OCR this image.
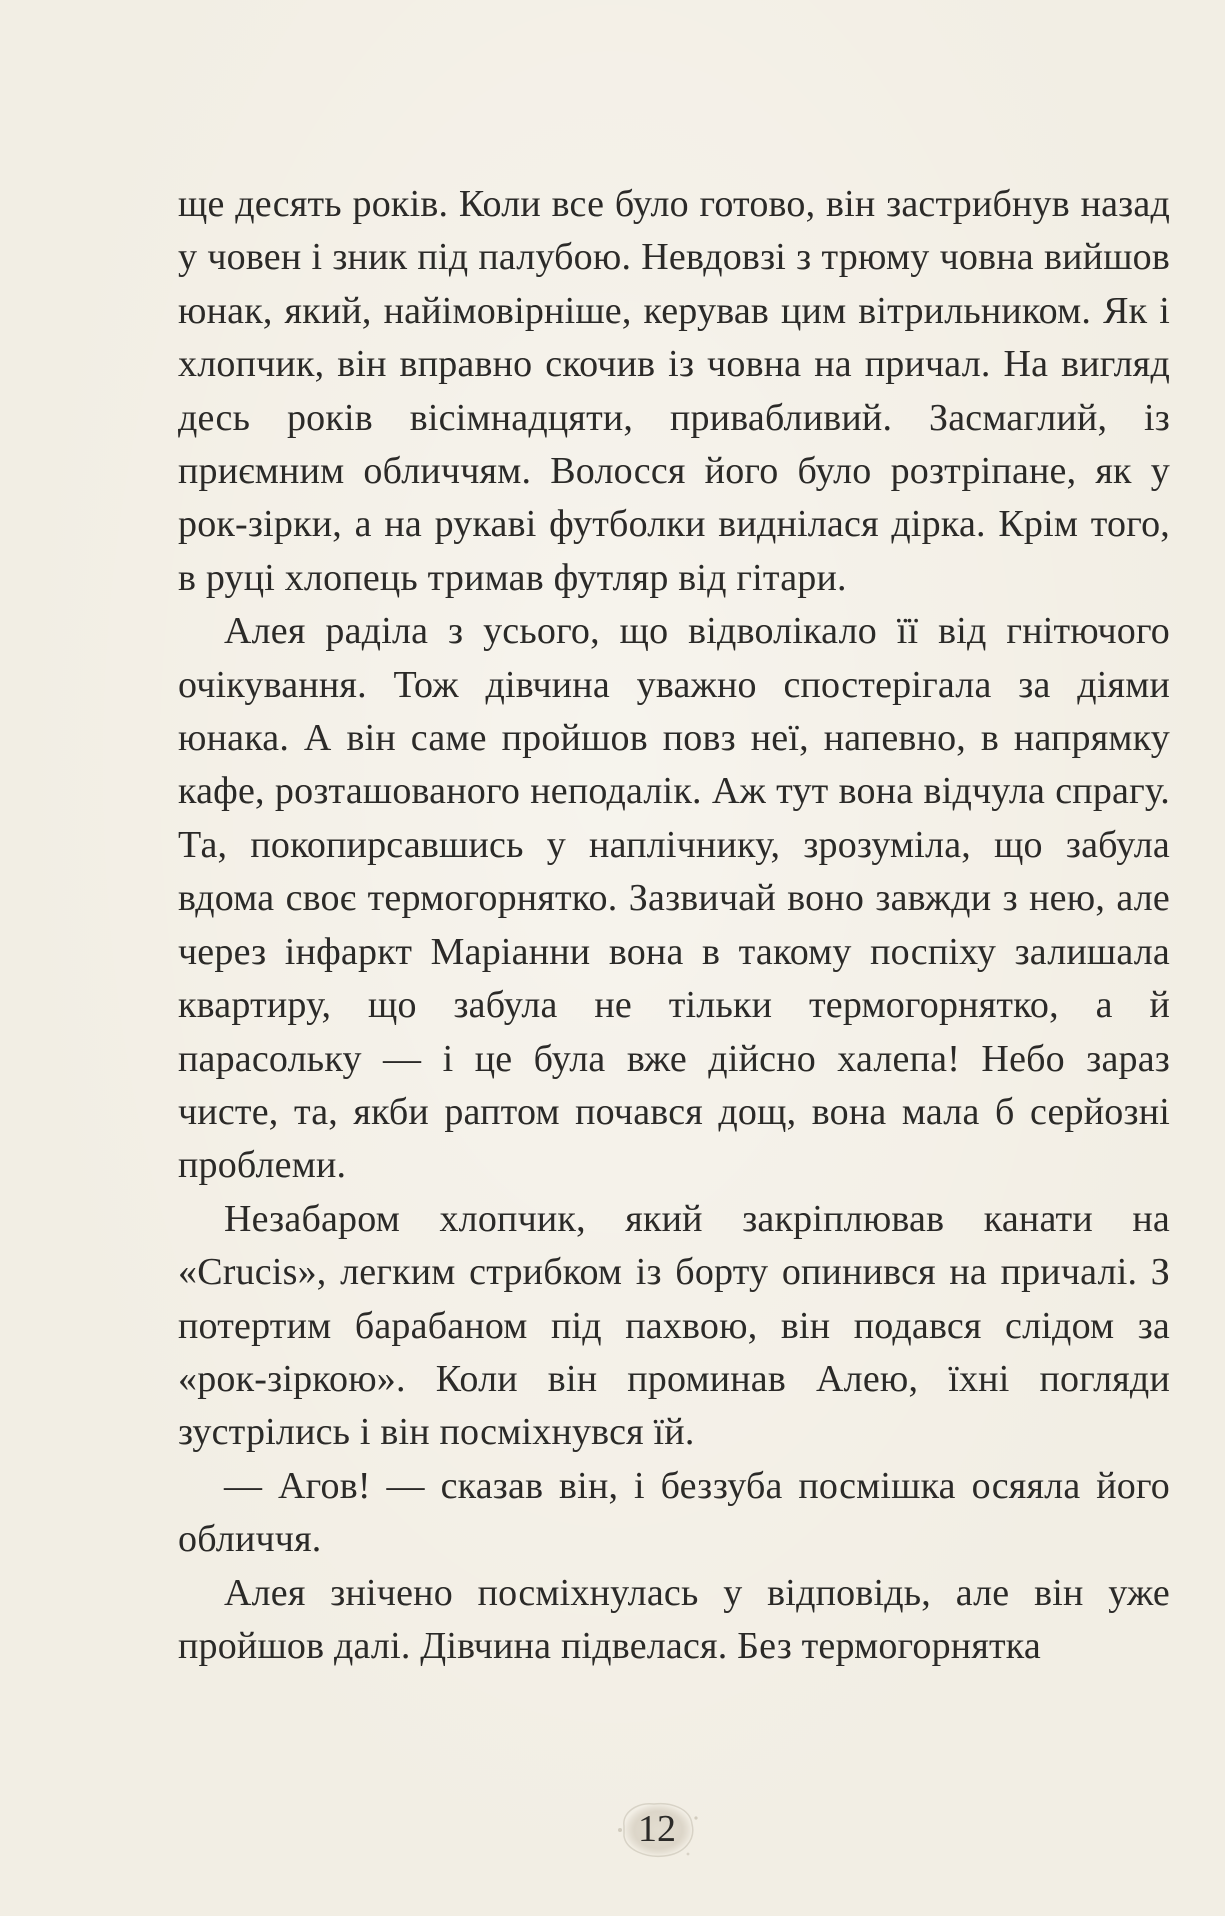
ще десять років. Коли все було готово, він застрибнув назад у човен і зник під палубою. Невдовзі з трюму човна вийшов юнак, який, найімовірніше, керував цим вітрильником. Як і хлопчик, він вправно скочив із човна на причал. На вигляд десь років вісімнадцяти, привабливий. Засмаглий, із приємним обличчям. Волосся його було розтріпане, як у рок-зірки, а на рукаві футболки виднілася дірка. Крім того, в руці хлопець тримав футляр від гітари.

Алея раділа з усього, що відволікало її від гнітючого очікування. Тож дівчина уважно спостерігала за діями юнака. А він саме пройшов повз неї, напевно, в напрямку кафе, розташованого неподалік. Аж тут вона відчула спрагу. Та, покопирсавшись у наплічнику, зрозуміла, що забула вдома своє термогорнятко. Зазвичай воно завжди з нею, але через інфаркт Маріанни вона в такому поспіху залишала квартиру, що забула не тільки термогорнятко, а й парасольку — і це була вже дійсно халепа! Небо зараз чисте, та, якби раптом почався дощ, вона мала б серйозні проблеми.

Незабаром хлопчик, який закріплював канати на «Crucis», легким стрибком із борту опинився на причалі. З потертим барабаном під пахвою, він подався слідом за «рок-зіркою». Коли він проминав Алею, їхні погляди зустрілись і він посміхнувся їй.

— Агов! — сказав він, і беззуба посмішка осяяла його обличчя.

Алея знічено посміхнулась у відповідь, але він уже пройшов далі. Дівчина підвелася. Без термогорнятка

12
